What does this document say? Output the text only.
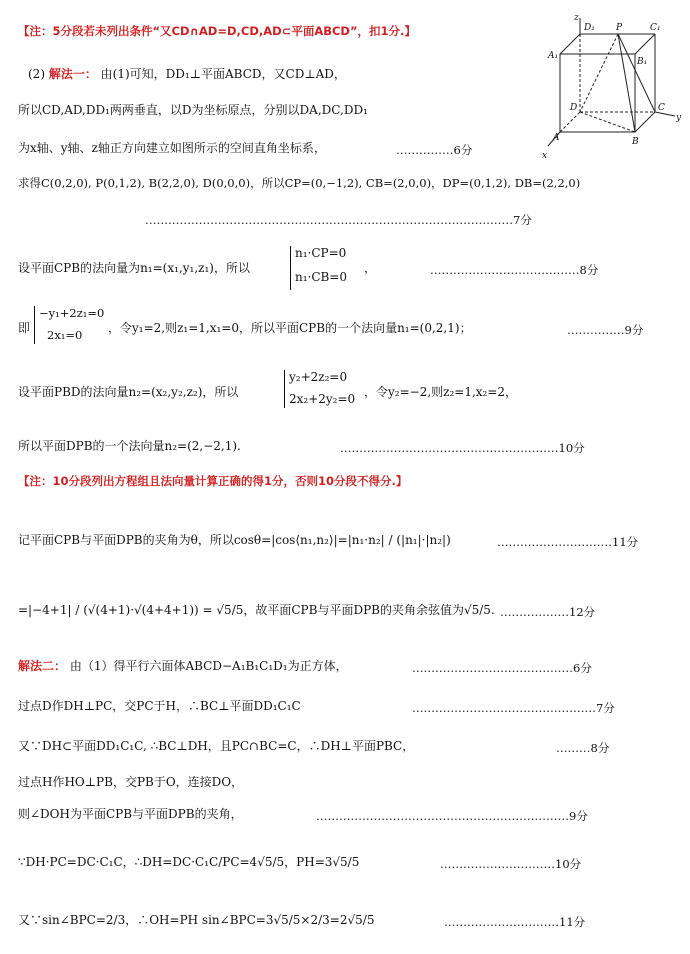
z
D₁ P	C₁
A₁
B₁
D	C
y
A	B
x
【注：5分段若未列出条件“又CD∩AD=D,CD,AD⊂平面ABCD”，扣1分.】
(2) 解法一： 由(1)可知，DD₁⊥平面ABCD，又CD⊥AD，
所以CD,AD,DD₁两两垂直，以D为坐标原点，分别以DA,DC,DD₁
为x轴、y轴、z轴正方向建立如图所示的空间直角坐标系，	……………6分
求得C(0,2,0), P(0,1,2), B(2,2,0), D(0,0,0)，所以CP=(0,−1,2), CB=(2,0,0)，DP=(0,1,2), DB=(2,2,0)
……………………………………………………………………………………7分
设平面CPB的法向量为n₁=(x₁,y₁,z₁)，所以
n₁·CP=0
n₁·CB=0
，	…………………………………8分
即
−y₁+2z₁=0
2x₁=0	，令y₁=2,则z₁=1,x₁=0，所以平面CPB的一个法向量n₁=(0,2,1)；	……………9分
设平面PBD的法向量n₂=(x₂,y₂,z₂)，所以
y₂+2z₂=0
2x₂+2y₂=0 ，令y₂=−2,则z₂=1,x₂=2，
所以平面DPB的一个法向量n₂=(2,−2,1).	…………………………………………………10分
【注：10分段列出方程组且法向量计算正确的得1分，否则10分段不得分.】
记平面CPB与平面DPB的夹角为θ，所以cosθ=|cos⟨n₁,n₂⟩|=|n₁·n₂| / (|n₁|·|n₂|)	…………………………11分
=|−4+1| / (√(4+1)·√(4+4+1)) = √5/5，故平面CPB与平面DPB的夹角余弦值为√5/5. ………………12分
解法二： 由（1）得平行六面体ABCD−A₁B₁C₁D₁为正方体，	……………………………………6分
过点D作DH⊥PC，交PC于H，∴BC⊥平面DD₁C₁C	…………………………………………7分
又∵DH⊂平面DD₁C₁C, ∴BC⊥DH，且PC∩BC=C，∴DH⊥平面PBC，	………8分
过点H作HO⊥PB，交PB于O，连接DO，
则∠DOH为平面CPB与平面DPB的夹角，	…………………………………………………………9分
∵DH·PC=DC·C₁C，∴DH=DC·C₁C/PC=4√5/5，PH=3√5/5	…………………………10分
又∵sin∠BPC=2/3，∴OH=PH sin∠BPC=3√5/5×2/3=2√5/5	…………………………11分
